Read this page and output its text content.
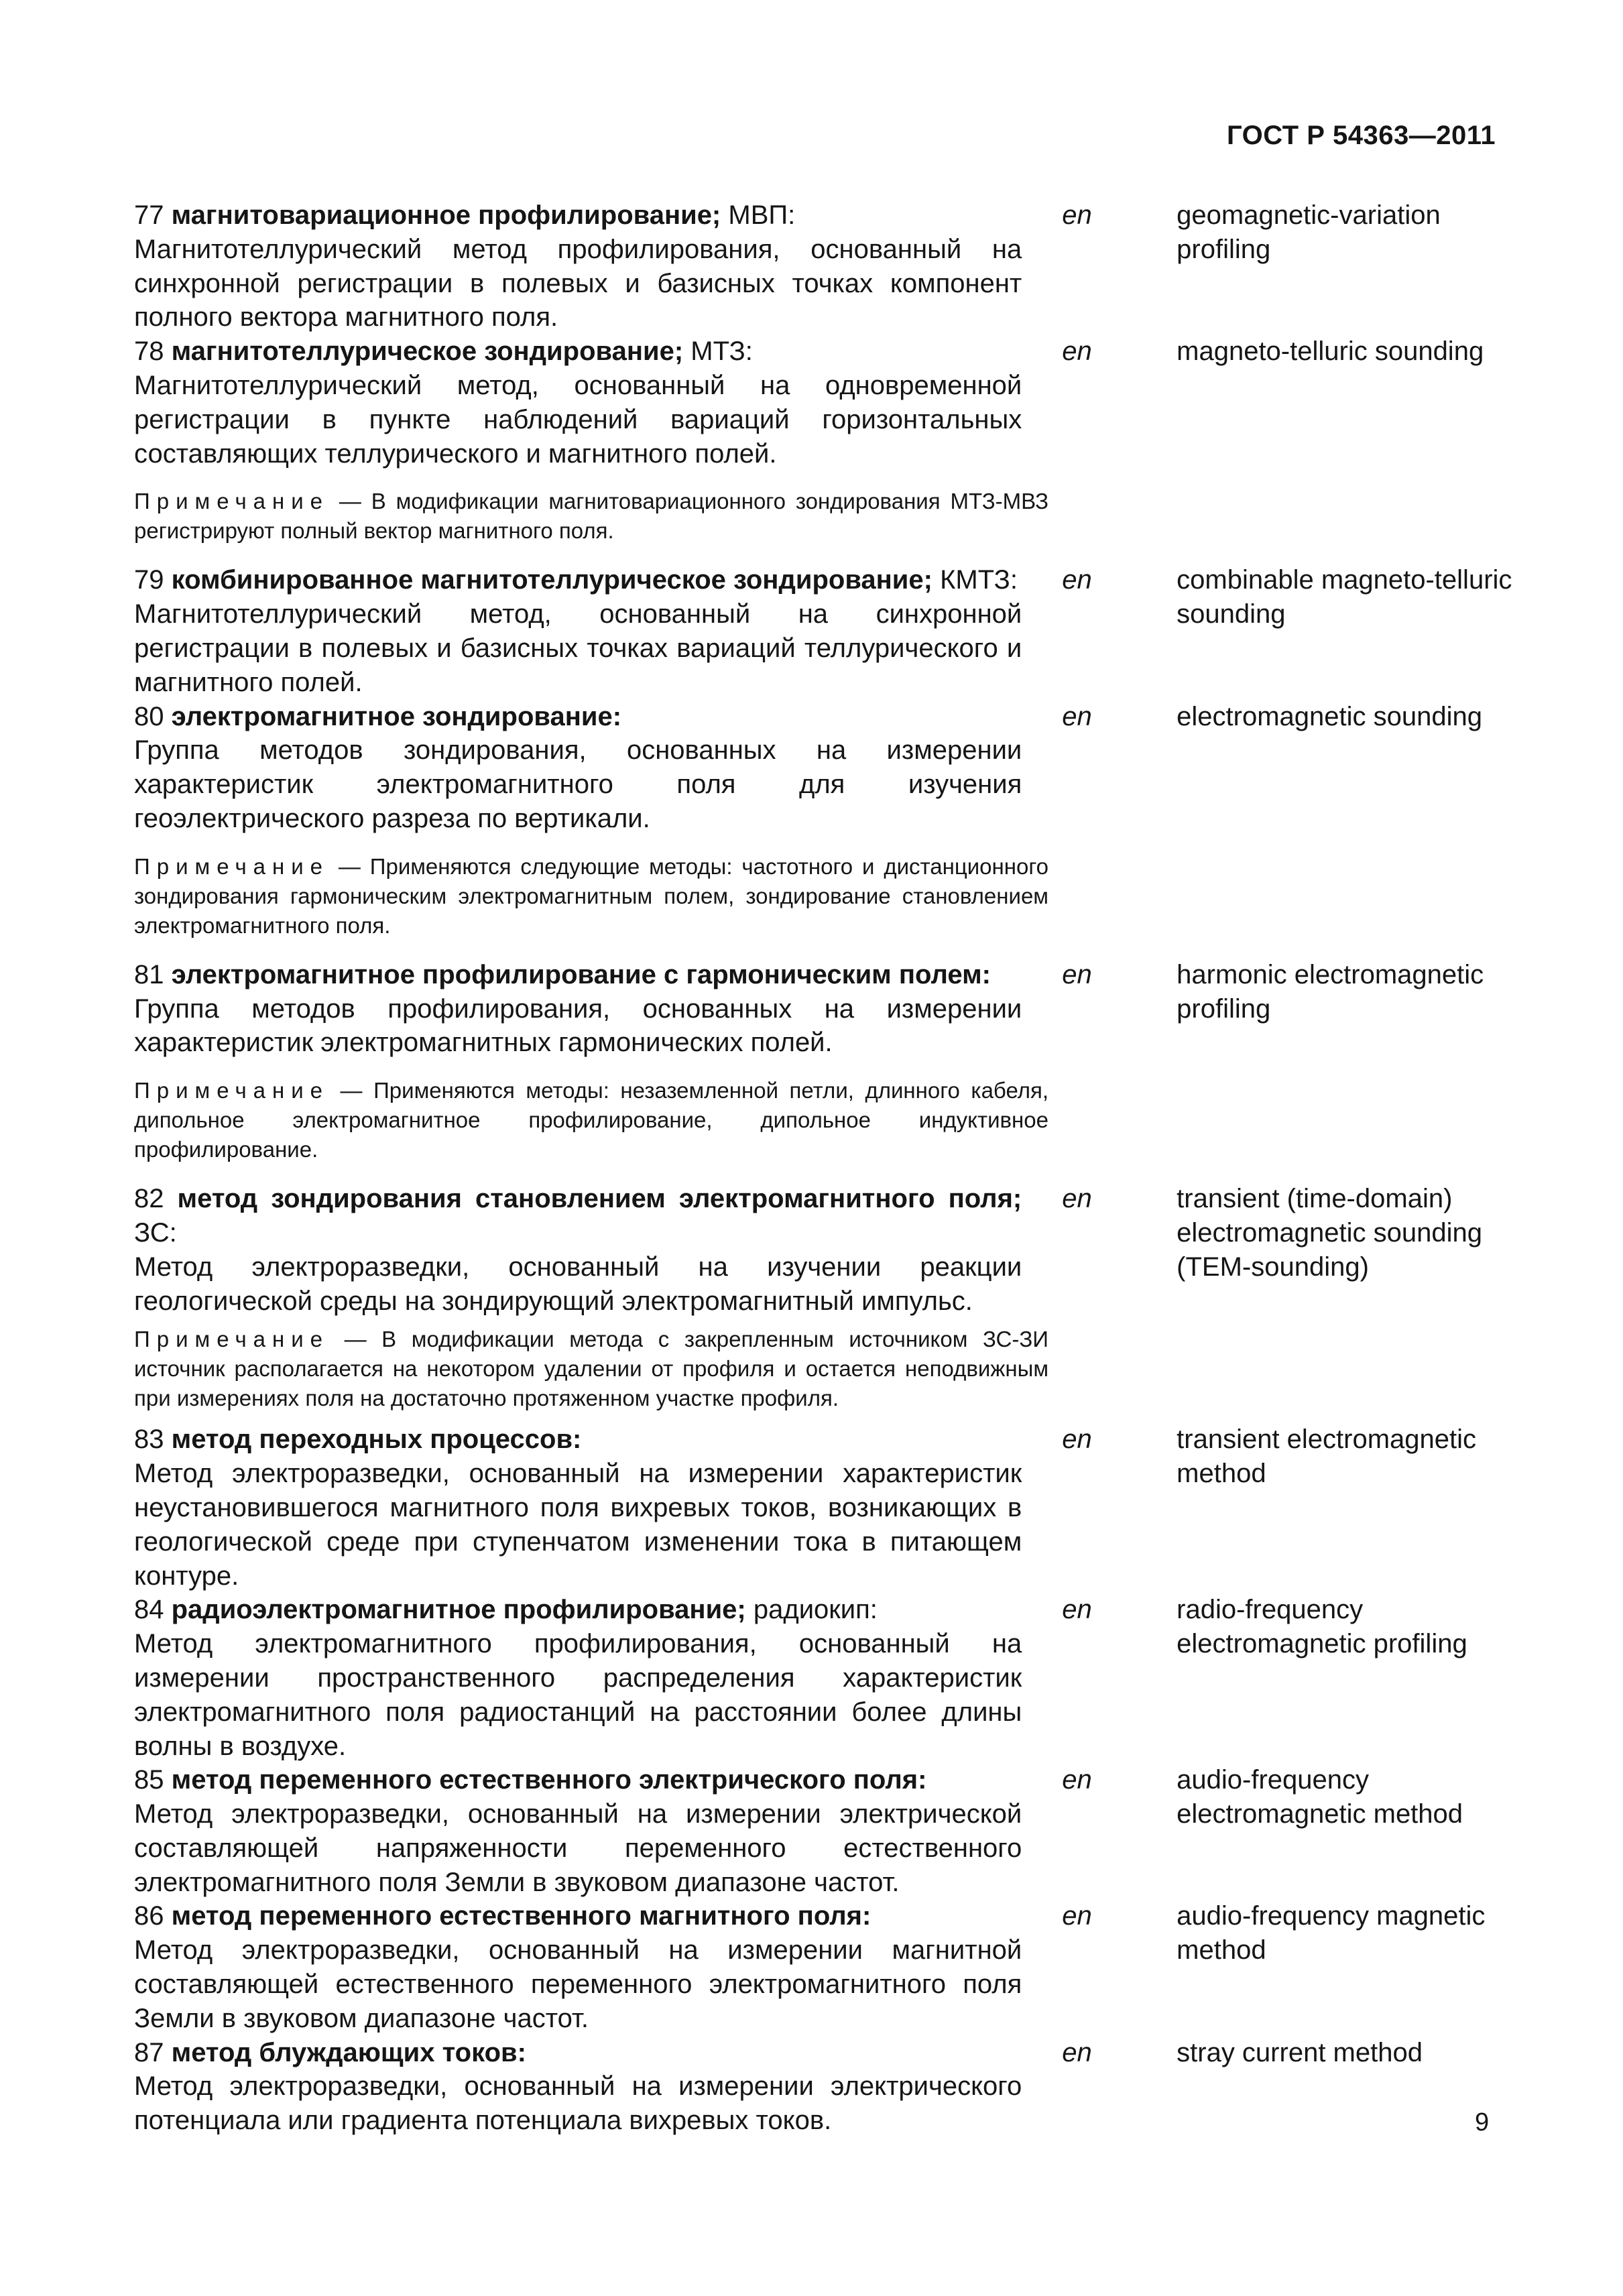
ГОСТ Р 54363—2011
77 магнитовариационное профилирование; МВП:
Магнитотеллурический метод профилирования, основанный на синхронной регистрации в полевых и базисных точках компонент полного вектора магнитного поля.
en	geomagnetic-variation profiling
78 магнитотеллурическое зондирование; МТЗ:
Магнитотеллурический метод, основанный на одновременной регистрации в пункте наблюдений вариаций горизонтальных составляющих теллурического и магнитного полей.
en	magneto-telluric sounding
Примечание — В модификации магнитовариационного зондирования МТЗ-МВЗ регистрируют полный вектор магнитного поля.
79 комбинированное магнитотеллурическое зондирование; КМТЗ:
Магнитотеллурический метод, основанный на синхронной регистрации в полевых и базисных точках вариаций теллурического и магнитного полей.
en	combinable magneto-telluric sounding
80 электромагнитное зондирование:
Группа методов зондирования, основанных на измерении характеристик электромагнитного поля для изучения геоэлектрического разреза по вертикали.
en	electromagnetic sounding
Примечание — Применяются следующие методы: частотного и дистанционного зондирования гармоническим электромагнитным полем, зондирование становлением электромагнитного поля.
81 электромагнитное профилирование с гармоническим полем:
Группа методов профилирования, основанных на измерении характеристик электромагнитных гармонических полей.
en	harmonic electromagnetic profiling
Примечание — Применяются методы: незаземленной петли, длинного кабеля, дипольное электромагнитное профилирование, дипольное индуктивное профилирование.
82 метод зондирования становлением электромагнитного поля; ЗС:
Метод электроразведки, основанный на изучении реакции геологической среды на зондирующий электромагнитный импульс.
en	transient (time-domain) electromagnetic sounding (TEM-sounding)
Примечание — В модификации метода с закрепленным источником ЗС-ЗИ источник располагается на некотором удалении от профиля и остается неподвижным при измерениях поля на достаточно протяженном участке профиля.
83 метод переходных процессов:
Метод электроразведки, основанный на измерении характеристик неустановившегося магнитного поля вихревых токов, возникающих в геологической среде при ступенчатом изменении тока в питающем контуре.
en	transient electromagnetic method
84 радиоэлектромагнитное профилирование; радиокип:
Метод электромагнитного профилирования, основанный на измерении пространственного распределения характеристик электромагнитного поля радиостанций на расстоянии более длины волны в воздухе.
en	radio-frequency electromagnetic profiling
85 метод переменного естественного электрического поля:
Метод электроразведки, основанный на измерении электрической составляющей напряженности переменного естественного электромагнитного поля Земли в звуковом диапазоне частот.
en	audio-frequency electromagnetic method
86 метод переменного естественного магнитного поля:
Метод электроразведки, основанный на измерении магнитной составляющей естественного переменного электромагнитного поля Земли в звуковом диапазоне частот.
en	audio-frequency magnetic method
87 метод блуждающих токов:
Метод электроразведки, основанный на измерении электрического потенциала или градиента потенциала вихревых токов.
en	stray current method
9
